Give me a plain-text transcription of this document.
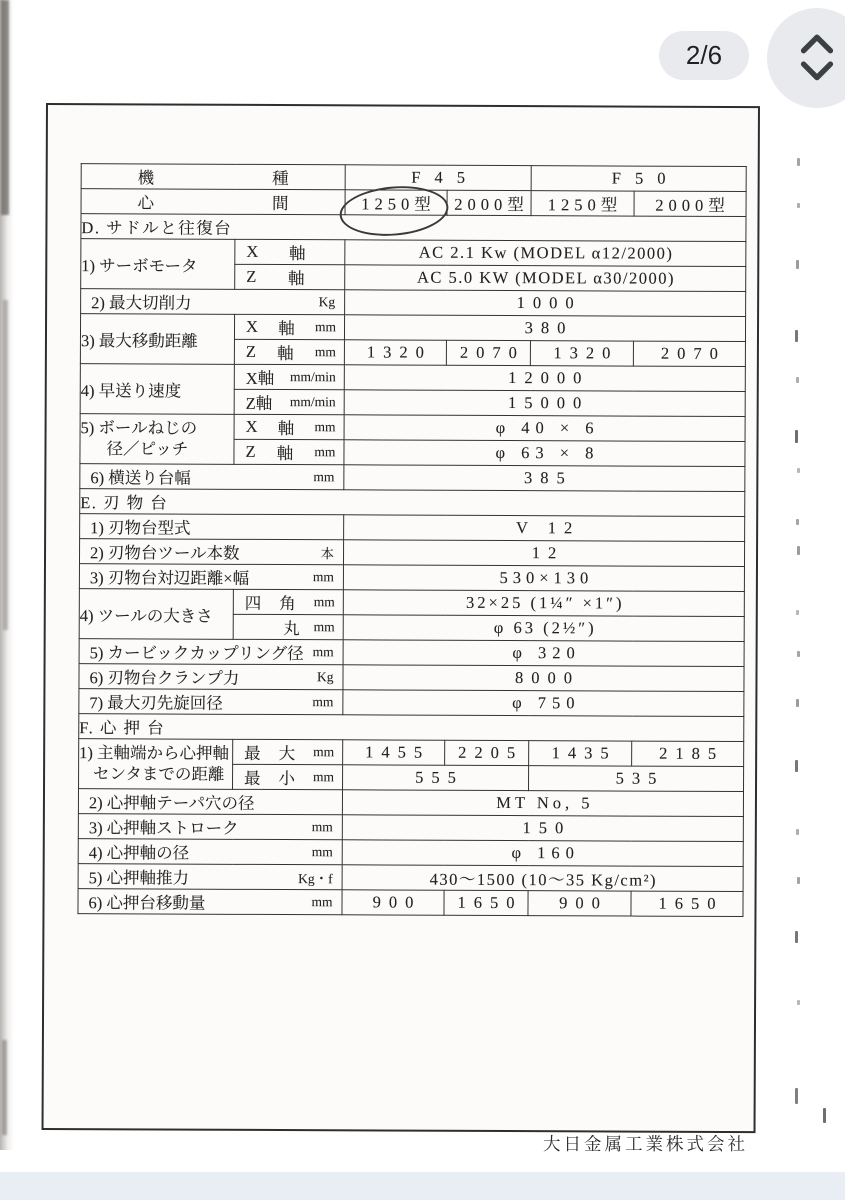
2/6
機 種		F45		F50	

心 間		1250型	2000型	1250型	2000型
D. サドルと往復台					
1) サーボモータ	X 軸	AC 2.1 Kw (MODEL α12/2000)			

	Z 軸	AC 5.0 KW (MODEL α30/2000)			

2) 最大切削力 Kg		1000			
3) 最大移動距離	X 軸 mm	380			

	Z 軸 mm	1320	2070	1320	2070
4) 早送り速度	X軸 mm/min	12000			

	Z軸 mm/min	15000			

5) ボールねじの
径／ピッチ

X 軸 mm	φ 40 × 6

	Z 軸 mm	φ 63 × 8			

6) 横送り台幅 mm		385			
E. 刃 物 台					

1) 刃物台型式		V 12			

2) 刃物台ツール本数 本		12			

3) 刃物台対辺距離×幅 mm		530×130			
4) ツールの大きさ	四 角 mm	32×25 (1¼″ ×1″)			

	丸 mm	φ 63 (2½″)			

5) カービックカップリング径 mm		φ 320			

6) 刃物台クランプ力 Kg		8000			

7) 最大刃先旋回径 mm		φ 750			
F. 心 押 台					

1) 主軸端から心押軸
センタまでの距離

最 大 mm	1455	2205	1435	2185

	最 小 mm	555		535	

2) 心押軸テーパ穴の径		MT No, 5			

3) 心押軸ストローク mm		150			

4) 心押軸の径 mm		φ 160			

5) 心押軸推力 Kg・f		430～1500 (10～35 Kg/cm²)			

6) 心押台移動量 mm		900	1650	900	1650
大日金属工業株式会社
